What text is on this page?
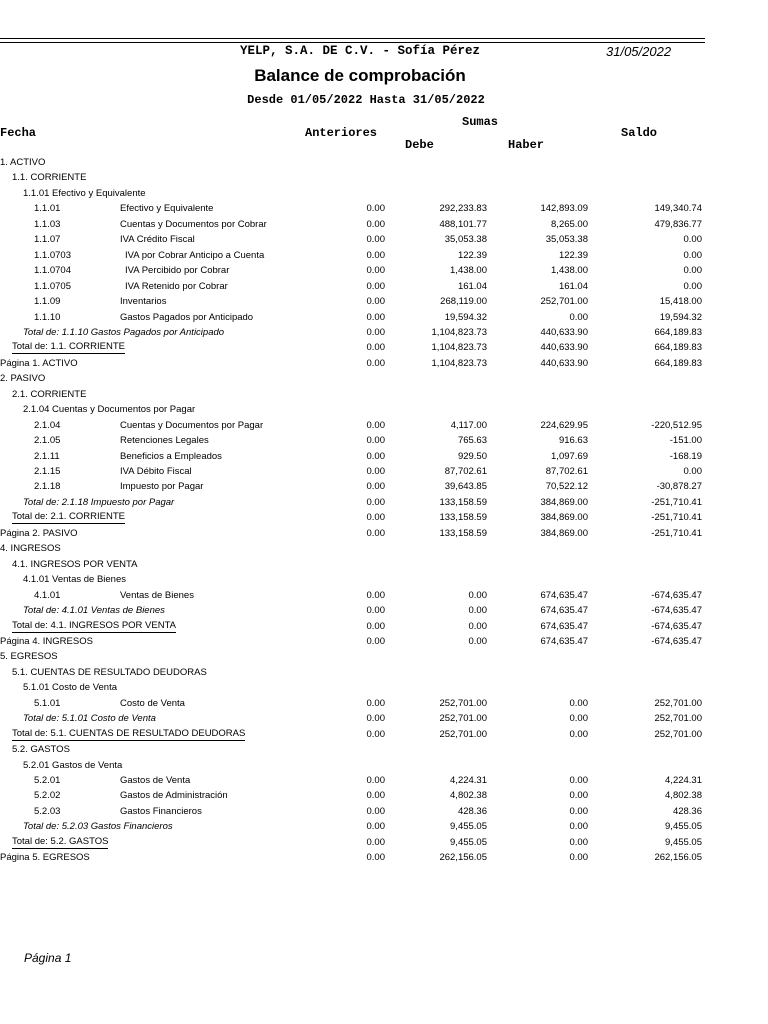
YELP, S.A. DE C.V. - Sofía Pérez	31/05/2022
Balance de comprobación
Desde 01/05/2022 Hasta 31/05/2022
Fecha	Anteriores
Sumas
Debe	Haber
Saldo
1. ACTIVO
1.1. CORRIENTE
1.1.01 Efectivo y Equivalente
1.1.01	Efectivo y Equivalente	0.00	292,233.83	142,893.09	149,340.74
1.1.03	Cuentas y Documentos por Cobrar	0.00	488,101.77	8,265.00	479,836.77
1.1.07	IVA Crédito Fiscal	0.00	35,053.38	35,053.38	0.00
1.1.0703	IVA por Cobrar Anticipo a Cuenta	0.00	122.39	122.39	0.00
1.1.0704	IVA Percibido por Cobrar	0.00	1,438.00	1,438.00	0.00
1.1.0705	IVA Retenido por Cobrar	0.00	161.04	161.04	0.00
1.1.09	Inventarios	0.00	268,119.00	252,701.00	15,418.00
1.1.10	Gastos Pagados por Anticipado	0.00	19,594.32	0.00	19,594.32
Total de: 1.1.10 Gastos Pagados por Anticipado	0.00	1,104,823.73	440,633.90	664,189.83
Total de: 1.1. CORRIENTE	0.00	1,104,823.73	440,633.90	664,189.83
Página 1. ACTIVO	0.00	1,104,823.73	440,633.90	664,189.83
2. PASIVO
2.1. CORRIENTE
2.1.04 Cuentas y Documentos por Pagar
2.1.04	Cuentas y Documentos por Pagar	0.00	4,117.00	224,629.95	-220,512.95
2.1.05	Retenciones Legales	0.00	765.63	916.63	-151.00
2.1.11	Beneficios a Empleados	0.00	929.50	1,097.69	-168.19
2.1.15	IVA Débito Fiscal	0.00	87,702.61	87,702.61	0.00
2.1.18	Impuesto por Pagar	0.00	39,643.85	70,522.12	-30,878.27
Total de: 2.1.18 Impuesto por Pagar	0.00	133,158.59	384,869.00	-251,710.41
Total de: 2.1. CORRIENTE	0.00	133,158.59	384,869.00	-251,710.41
Página 2. PASIVO	0.00	133,158.59	384,869.00	-251,710.41
4. INGRESOS
4.1. INGRESOS POR VENTA
4.1.01 Ventas de Bienes
4.1.01	Ventas de Bienes	0.00	0.00	674,635.47	-674,635.47
Total de: 4.1.01 Ventas de Bienes	0.00	0.00	674,635.47	-674,635.47
Total de: 4.1. INGRESOS POR VENTA	0.00	0.00	674,635.47	-674,635.47
Página 4. INGRESOS	0.00	0.00	674,635.47	-674,635.47
5. EGRESOS
5.1. CUENTAS DE RESULTADO DEUDORAS
5.1.01 Costo de Venta
5.1.01	Costo de Venta	0.00	252,701.00	0.00	252,701.00
Total de: 5.1.01 Costo de Venta	0.00	252,701.00	0.00	252,701.00
Total de: 5.1. CUENTAS DE RESULTADO DEUDORAS	0.00	252,701.00	0.00	252,701.00
5.2. GASTOS
5.2.01 Gastos de Venta
5.2.01	Gastos de Venta	0.00	4,224.31	0.00	4,224.31
5.2.02	Gastos de Administración	0.00	4,802.38	0.00	4,802.38
5.2.03	Gastos Financieros	0.00	428.36	0.00	428.36
Total de: 5.2.03 Gastos Financieros	0.00	9,455.05	0.00	9,455.05
Total de: 5.2. GASTOS	0.00	9,455.05	0.00	9,455.05
Página 5. EGRESOS	0.00	262,156.05	0.00	262,156.05
Página 1
